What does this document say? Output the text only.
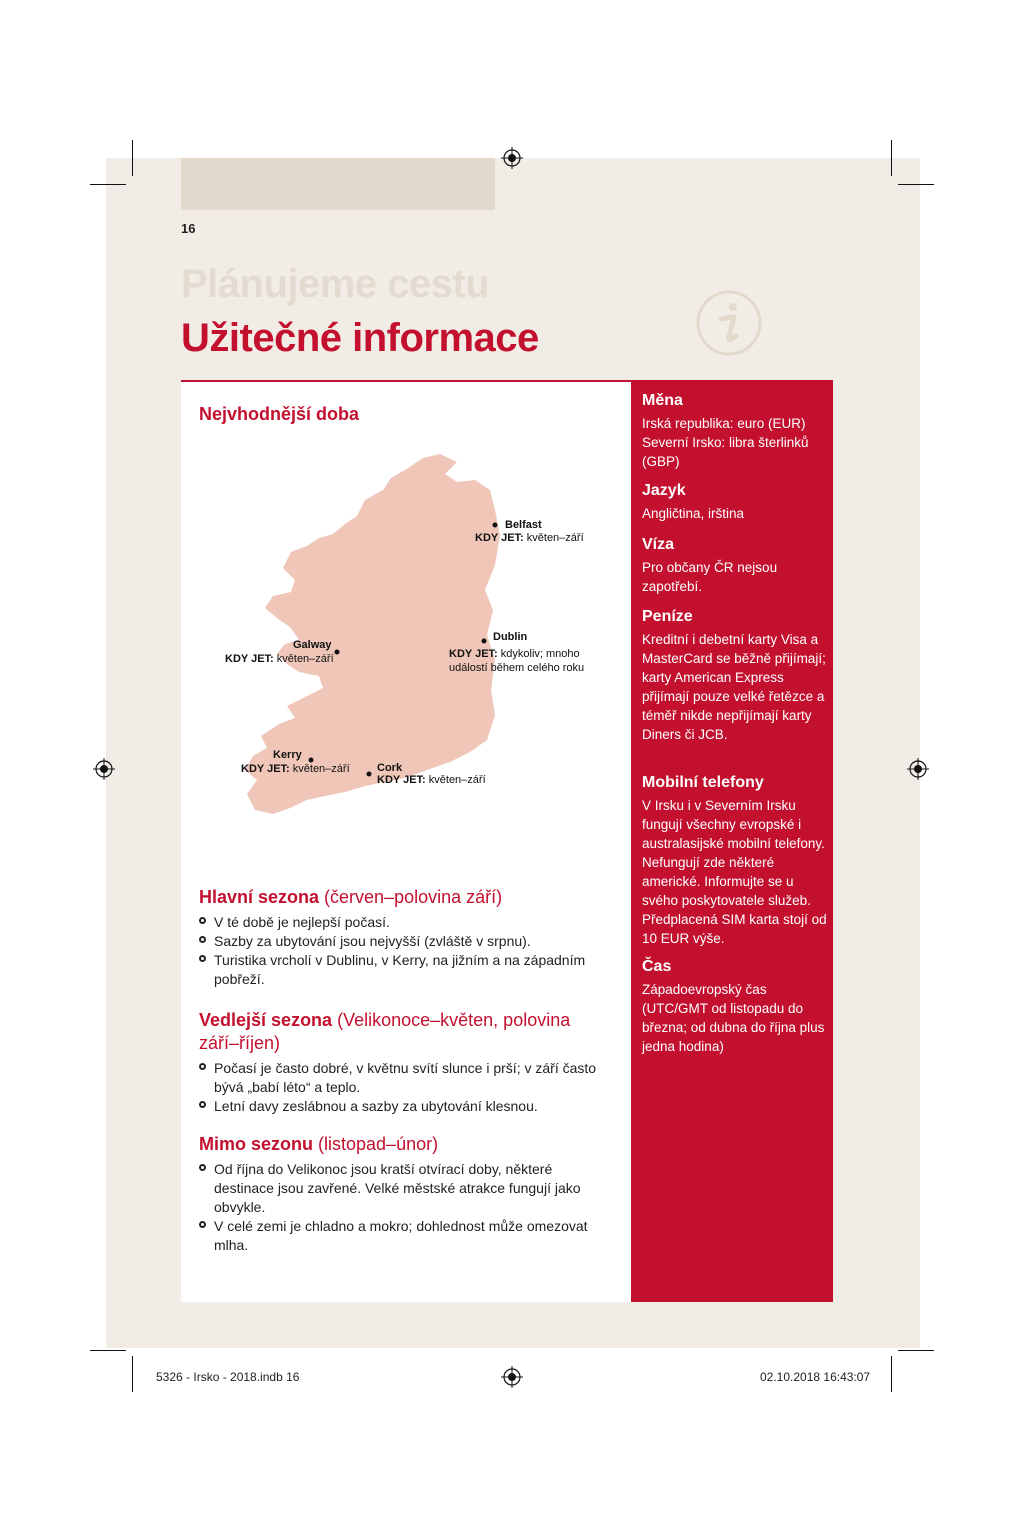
16
Plánujeme cestu
Užitečné informace
Nejvhodnější doba
Belfast
KDY JET: květen–září
Dublin
KDY JET: kdykoliv; mnoho
událostí během celého roku
Galway
KDY JET: květen–září
Kerry
KDY JET: květen–září Cork
KDY JET: květen–září
Hlavní sezona (červen–polovina září)
V té době je nejlepší počasí.
Sazby za ubytování jsou nejvyšší (zvláště v srpnu).
Turistika vrcholí v Dublinu, v Kerry, na jižním a na západním pobřeží.
Vedlejší sezona (Velikonoce–květen, polovina září–říjen)
Počasí je často dobré, v květnu svítí slunce i prší; v září často bývá „babí léto“ a teplo.
Letní davy zeslábnou a sazby za ubytování klesnou.
Mimo sezonu (listopad–únor)
Od října do Velikonoc jsou kratší otvírací doby, některé destinace jsou zavřené. Velké městské atrakce fungují jako obvykle.
V celé zemi je chladno a mokro; dohlednost může omezovat mlha.
Měna

Irská republika: euro (EUR) Severní Irsko: libra šterlinků (GBP)

Jazyk

Angličtina, irština

Víza

Pro občany ČR nejsou zapotřebí.

Peníze

Kreditní i debetní karty Visa a MasterCard se běžně přijímají; karty American Express přijímají pouze velké řetězce a téměř nikde nepřijímají karty Diners či JCB.

Mobilní telefony

V Irsku i v Severním Irsku fungují všechny evropské i australasijské mobilní telefony. Nefungují zde některé americké. Informujte se u svého poskytovatele služeb. Předplacená SIM karta stojí od 10 EUR výše.

Čas

Západoevropský čas (UTC/GMT od listopadu do března; od dubna do října plus jedna hodina)

5326 - Irsko - 2018.indb 16	02.10.2018 16:43:07
